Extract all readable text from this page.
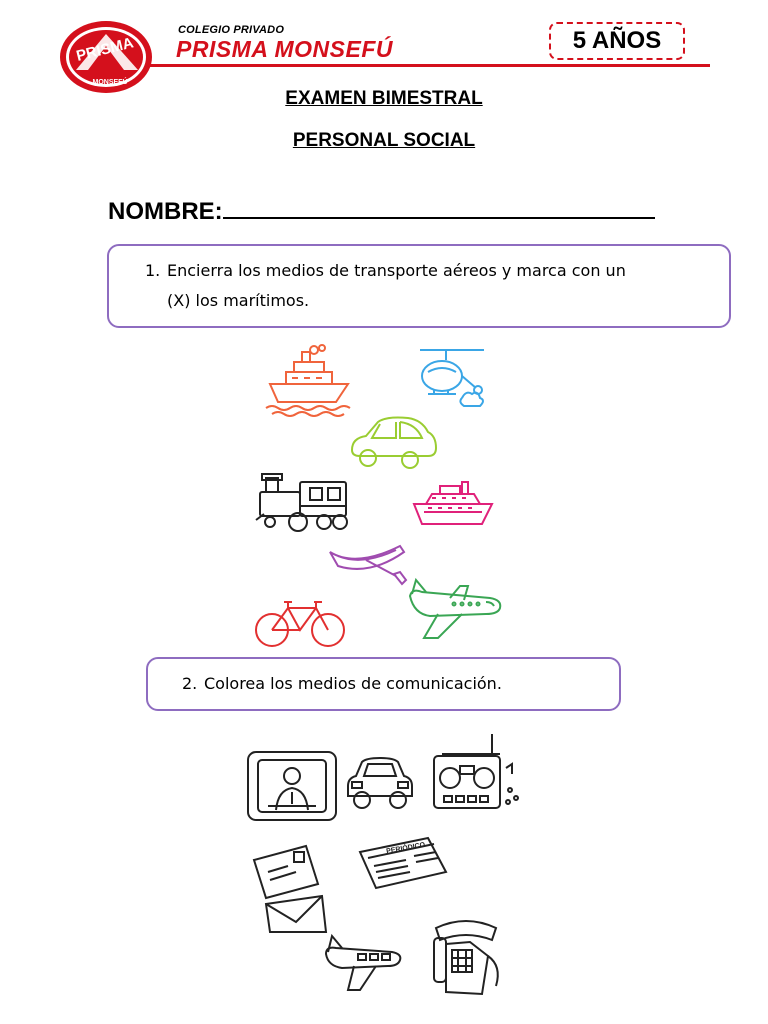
PRISMA
MONSEFÚ
COLEGIO PRIVADO
PRISMA MONSEFÚ	5 AÑOS
EXAMEN BIMESTRAL
PERSONAL SOCIAL
NOMBRE:
1. Encierra los medios de transporte aéreos y marca con un
(X) los marítimos.
2. Colorea los medios de comunicación.
PERIÓDICO
